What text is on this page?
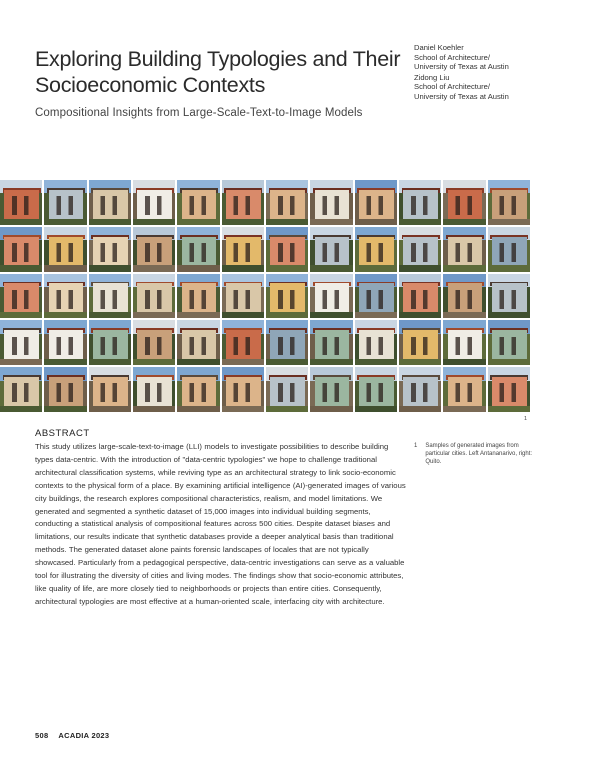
Exploring Building Typologies and Their Socioeconomic Contexts
Compositional Insights from Large-Scale-Text-to-Image Models
Daniel Koehler
School of Architecture/
University of Texas at Austin
Zidong Liu
School of Architecture/
University of Texas at Austin
1
ABSTRACT
This study utilizes large-scale-text-to-image (LLI) models to investigate possibilities to describe building types data-centric. With the introduction of "data-centric typologies" we hope to challenge traditional architectural classification systems, while reviving type as an architectural strategy to link socio-economic contexts to the physical form of a place. By examining artificial intelligence (AI)-generated images of various city buildings, the research explores compositional characteristics, realism, and model limitations. We generated and segmented a synthetic dataset of 15,000 images into individual building segments, conducting a statistical analysis of compositional features across 500 cities. Despite dataset biases and limitations, our results indicate that synthetic databases provide a deeper analytical basis than traditional methods. The generated dataset alone paints forensic landscapes of locales that are not typically showcased. Particularly from a pedagogical perspective, data-centric investigations can serve as a valuable tool for illustrating the diversity of cities and living modes. The findings show that socio-economic attributes, like quality of life, are more closely tied to neighborhoods or projects than entire cities. Consequently, architectural typologies are most effective at a human-oriented scale, interfacing city with architecture.
1 Samples of generated images from particular cities. Left Antananarivo, right: Quito.
508 ACADIA 2023
